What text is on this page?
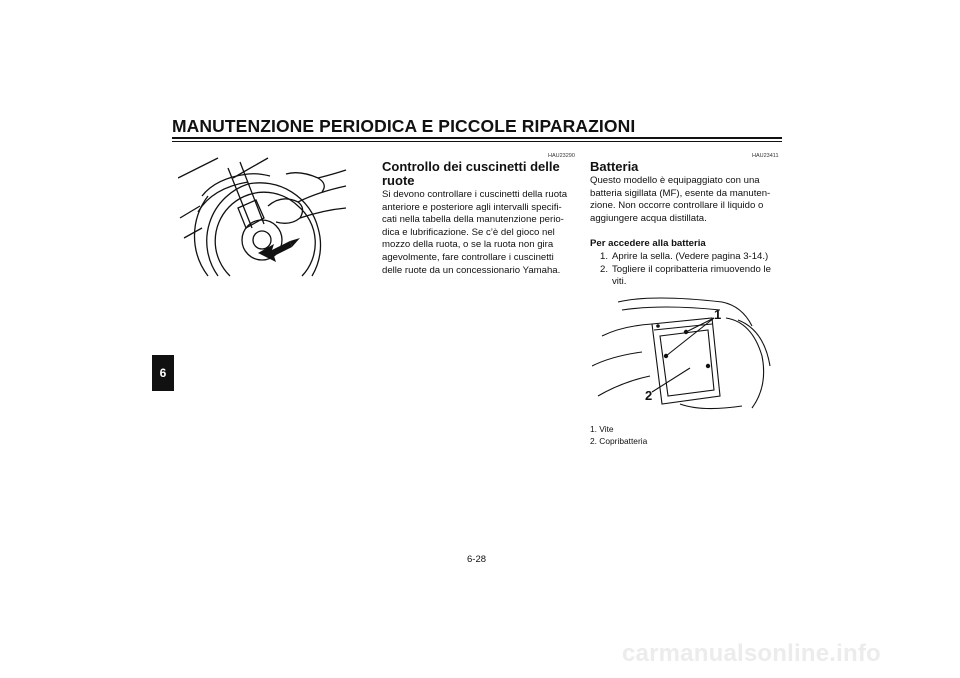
MANUTENZIONE PERIODICA E PICCOLE RIPARAZIONI
6
HAU23290
Controllo dei cuscinetti delle
ruote
Si devono controllare i cuscinetti della ruota
anteriore e posteriore agli intervalli specifi-
cati nella tabella della manutenzione perio-
dica e lubrificazione. Se c’è del gioco nel
mozzo della ruota, o se la ruota non gira
agevolmente, fare controllare i cuscinetti
delle ruote da un concessionario Yamaha.
HAU23411
Batteria
Questo modello è equipaggiato con una
batteria sigillata (MF), esente da manuten-
zione. Non occorre controllare il liquido o
aggiungere acqua distillata.
Per accedere alla batteria
1. Aprire la sella. (Vedere pagina 3-14.)
2. Togliere il copribatteria rimuovendo le
viti.
1
2
1. Vite
2. Copribatteria
6-28
carmanualsonline.info
